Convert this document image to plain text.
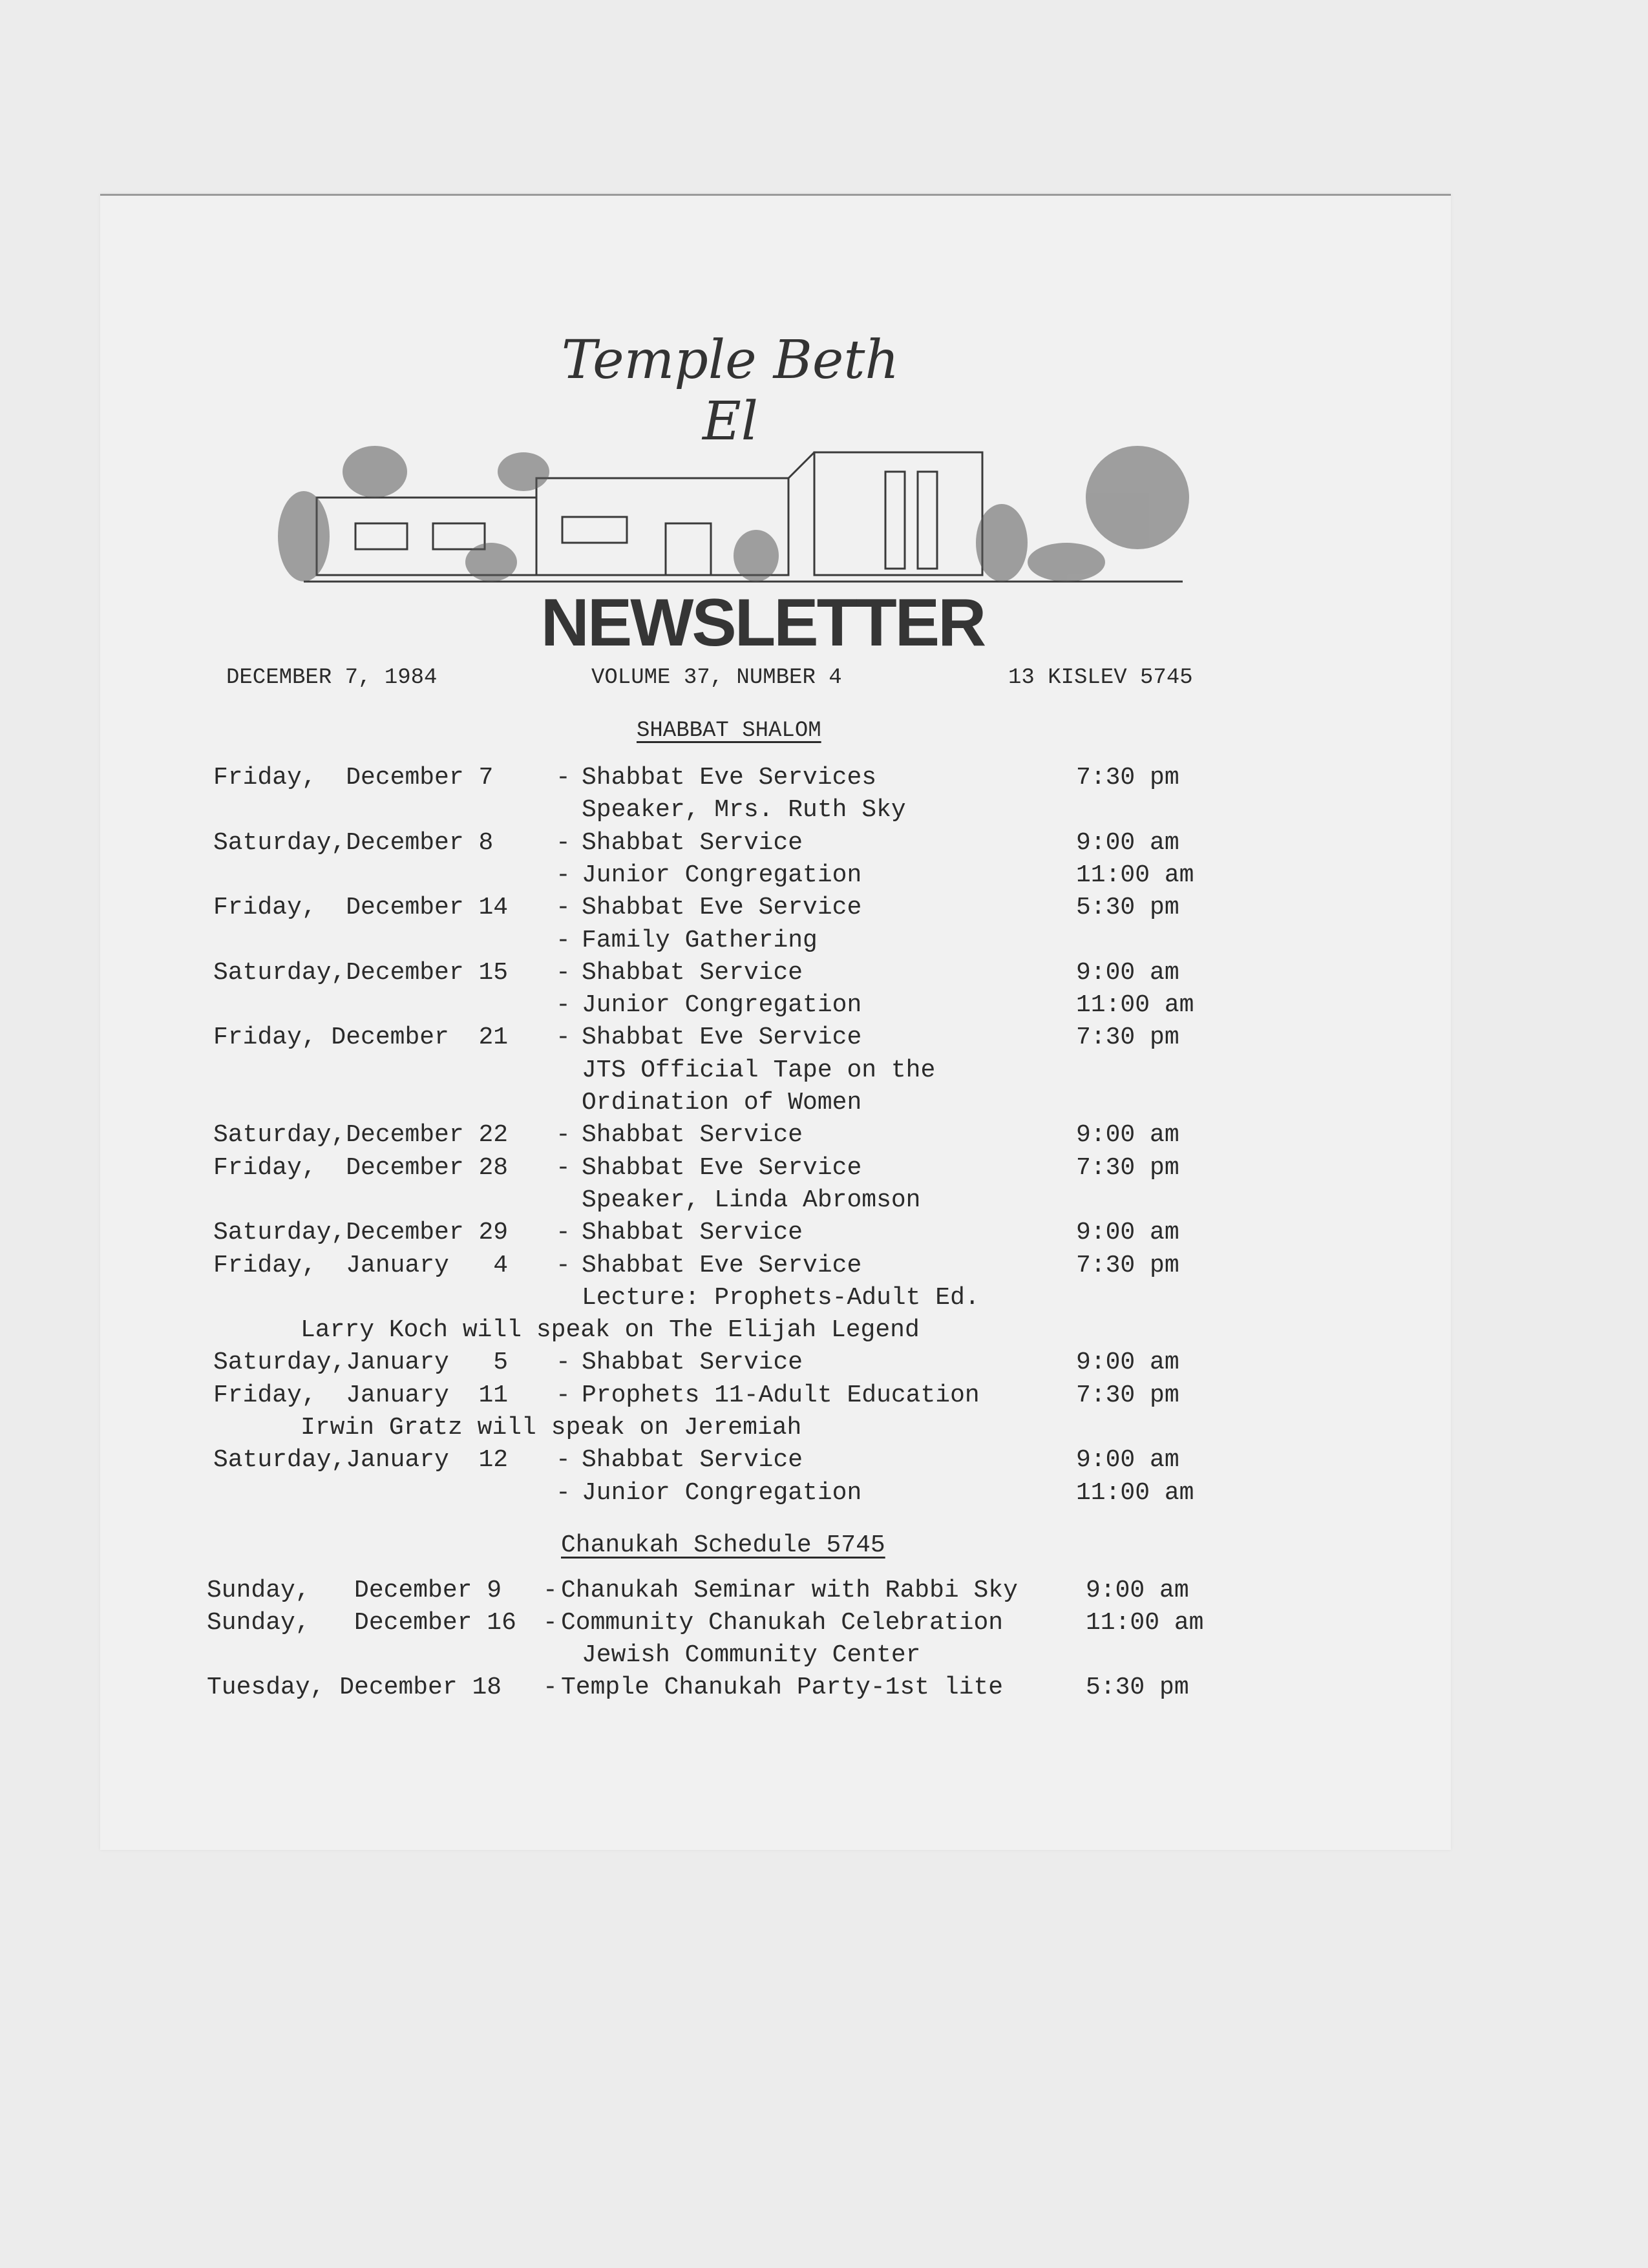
Temple Beth El
NEWSLETTER
DECEMBER 7, 1984	VOLUME 37, NUMBER 4	13 KISLEV 5745
SHABBAT SHALOM
Friday,  December 7	- Shabbat Eve Services	7:30 pm
Speaker, Mrs. Ruth Sky
Saturday,December 8	- Shabbat Service	9:00 am
- Junior Congregation	11:00 am
Friday,  December 14 - Shabbat Eve Service	5:30 pm
- Family Gathering
Saturday,December 15 - Shabbat Service	9:00 am
- Junior Congregation	11:00 am
Friday, December  21 - Shabbat Eve Service	7:30 pm
JTS Official Tape on the
Ordination of Women
Saturday,December 22 - Shabbat Service	9:00 am
Friday,  December 28 - Shabbat Eve Service	7:30 pm
Speaker, Linda Abromson
Saturday,December 29 - Shabbat Service	9:00 am
Friday,  January   4 - Shabbat Eve Service	7:30 pm
Lecture: Prophets-Adult Ed.
Larry Koch will speak on The Elijah Legend
Saturday,January   5 - Shabbat Service	9:00 am
Friday,  January  11 - Prophets 11-Adult Education	7:30 pm
Irwin Gratz will speak on Jeremiah
Saturday,January  12 - Shabbat Service	9:00 am
- Junior Congregation	11:00 am
Chanukah Schedule 5745
Sunday,   December 9 - Chanukah Seminar with Rabbi Sky	9:00 am
Sunday,   December 16 - Community Chanukah Celebration	11:00 am
Jewish Community Center
Tuesday, December 18 - Temple Chanukah Party-1st lite	5:30 pm
